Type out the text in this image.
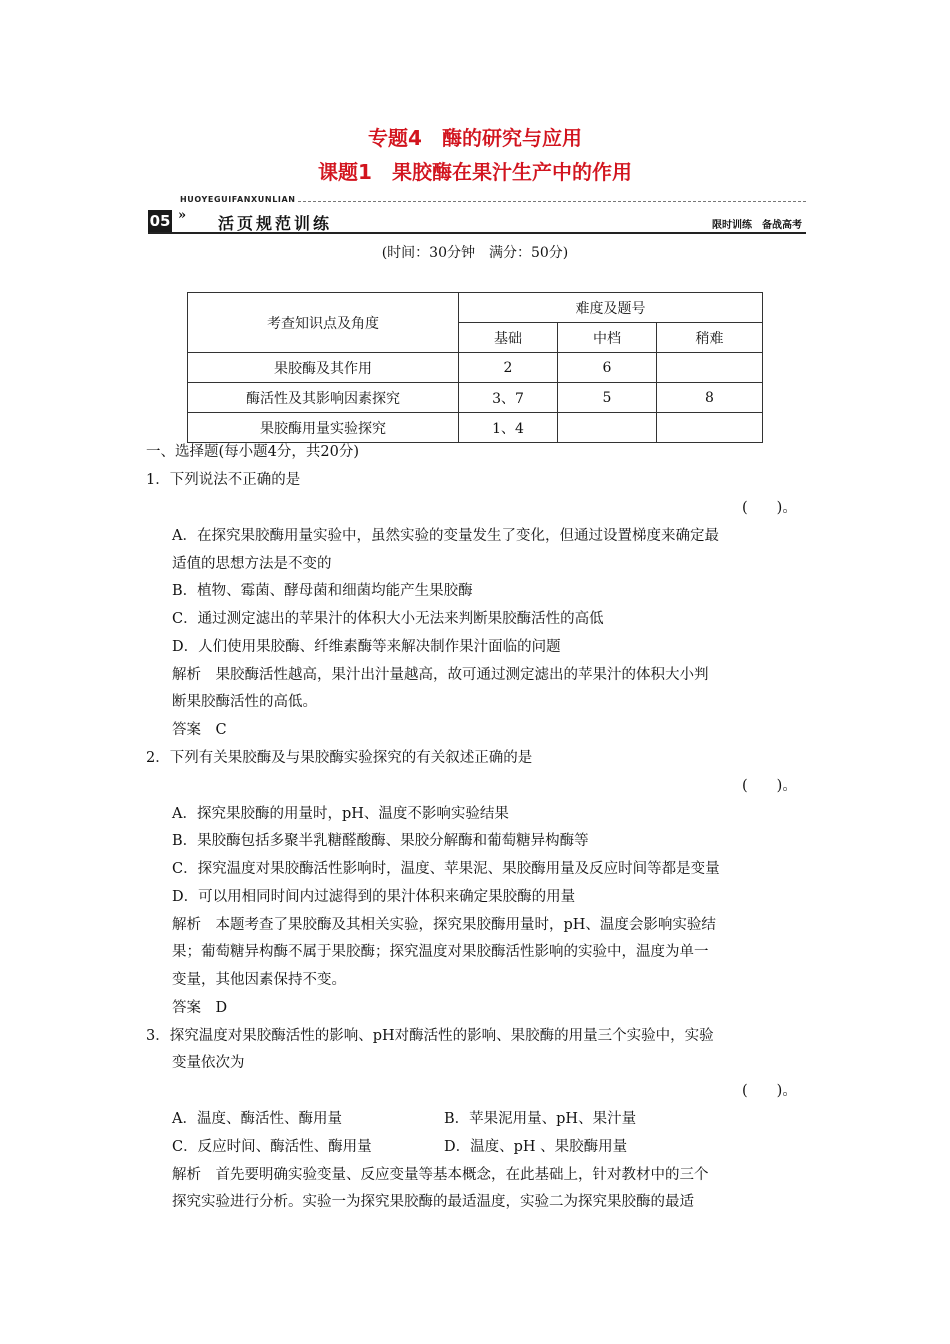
专题4　酶的研究与应用
课题1　果胶酶在果汁生产中的作用
HUOYEGUIFANXUNLIAN
05 » 活页规范训练	限时训练　备战高考
(时间：30分钟　满分：50分)
考查知识点及角度	难度及题号		
	基础	中档	稍难
果胶酶及其作用	2	6	
酶活性及其影响因素探究	3、7	5	8
果胶酶用量实验探究	1、4		
一、选择题(每小题4分，共20分)
1．下列说法不正确的是
(　　)。
A．在探究果胶酶用量实验中，虽然实验的变量发生了变化，但通过设置梯度来确定最
适值的思想方法是不变的
B．植物、霉菌、酵母菌和细菌均能产生果胶酶
C．通过测定滤出的苹果汁的体积大小无法来判断果胶酶活性的高低
D．人们使用果胶酶、纤维素酶等来解决制作果汁面临的问题
解析　果胶酶活性越高，果汁出汁量越高，故可通过测定滤出的苹果汁的体积大小判
断果胶酶活性的高低。
答案　C
2．下列有关果胶酶及与果胶酶实验探究的有关叙述正确的是
(　　)。
A．探究果胶酶的用量时，pH、温度不影响实验结果
B．果胶酶包括多聚半乳糖醛酸酶、果胶分解酶和葡萄糖异构酶等
C．探究温度对果胶酶活性影响时，温度、苹果泥、果胶酶用量及反应时间等都是变量
D．可以用相同时间内过滤得到的果汁体积来确定果胶酶的用量
解析　本题考查了果胶酶及其相关实验，探究果胶酶用量时，pH、温度会影响实验结
果；葡萄糖异构酶不属于果胶酶；探究温度对果胶酶活性影响的实验中，温度为单一
变量，其他因素保持不变。
答案　D
3．探究温度对果胶酶活性的影响、pH对酶活性的影响、果胶酶的用量三个实验中，实验
变量依次为
(　　)。
A．温度、酶活性、酶用量	B．苹果泥用量、pH、果汁量
C．反应时间、酶活性、酶用量	D．温度、pH 、果胶酶用量
解析　首先要明确实验变量、反应变量等基本概念，在此基础上，针对教材中的三个
探究实验进行分析。实验一为探究果胶酶的最适温度，实验二为探究果胶酶的最适
